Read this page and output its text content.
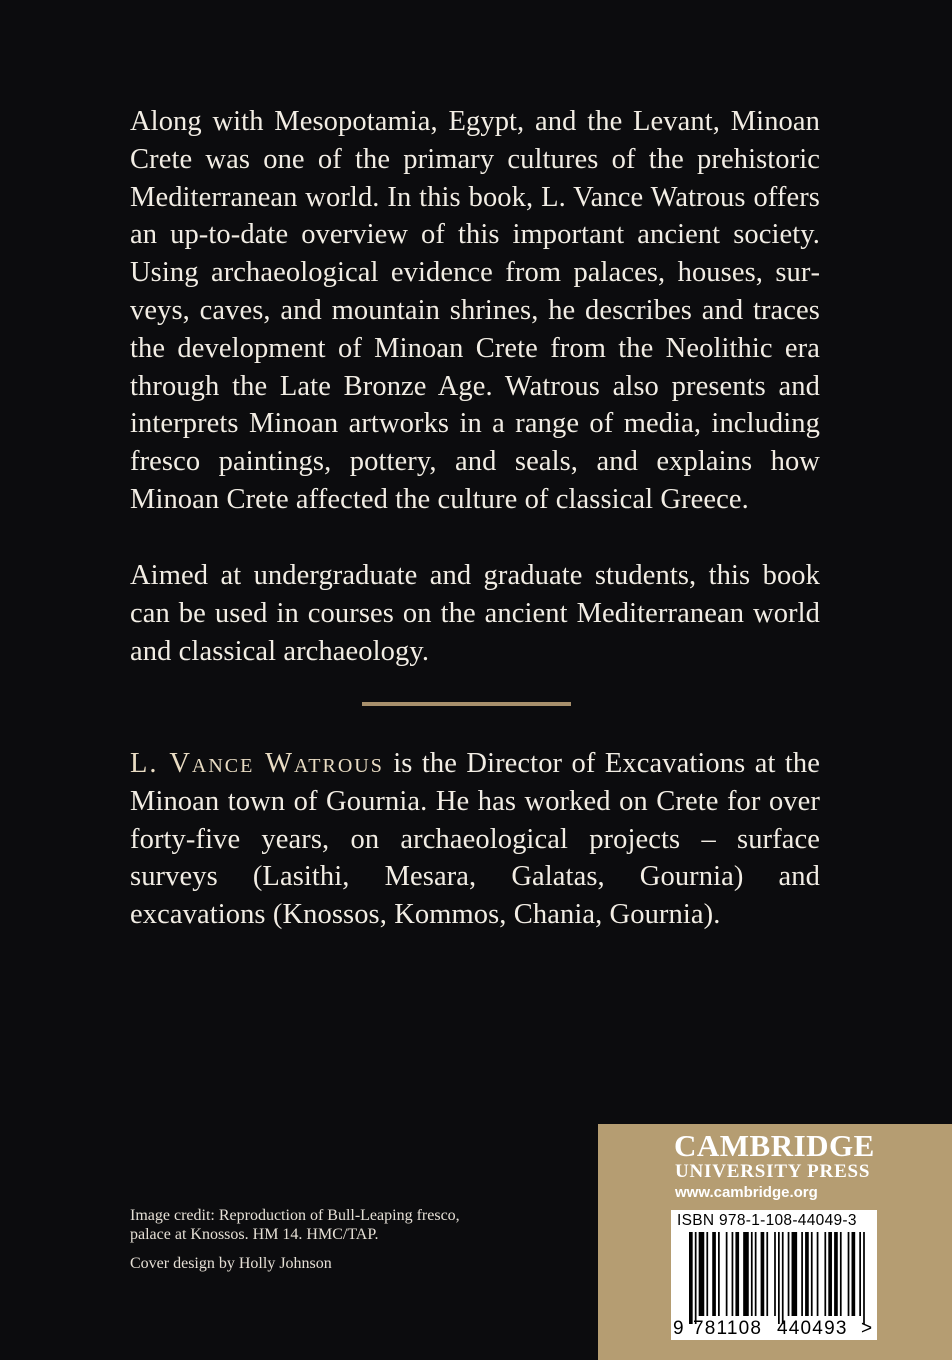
Along with Mesopotamia, Egypt, and the Levant, Minoan Crete was one of the primary cultures of the prehistoric Mediterranean world. In this book, L. Vance Watrous offers an up-to-date overview of this important ancient society. Using archaeological evidence from palaces, houses, surveys, caves, and mountain shrines, he describes and traces the development of Minoan Crete from the Neolithic era through the Late Bronze Age. Watrous also presents and interprets Minoan artworks in a range of media, including fresco paintings, pottery, and seals, and explains how Minoan Crete affected the culture of classical Greece.

Aimed at undergraduate and graduate students, this book can be used in courses on the ancient Mediterranean world and classical archaeology.

L. Vance Watrous is the Director of Excavations at the Minoan town of Gournia. He has worked on Crete for over forty-five years, on archaeological projects – surface surveys (Lasithi, Mesara, Galatas, Gournia) and excavations (Knossos, Kommos, Chania, Gournia).

Image credit: Reproduction of Bull-Leaping fresco,
palace at Knossos. HM 14. HMC/TAP.
Cover design by Holly Johnson
CAMBRIDGE
UNIVERSITY PRESS
www.cambridge.org
ISBN 978-1-108-44049-3
9 781108 440493 >
